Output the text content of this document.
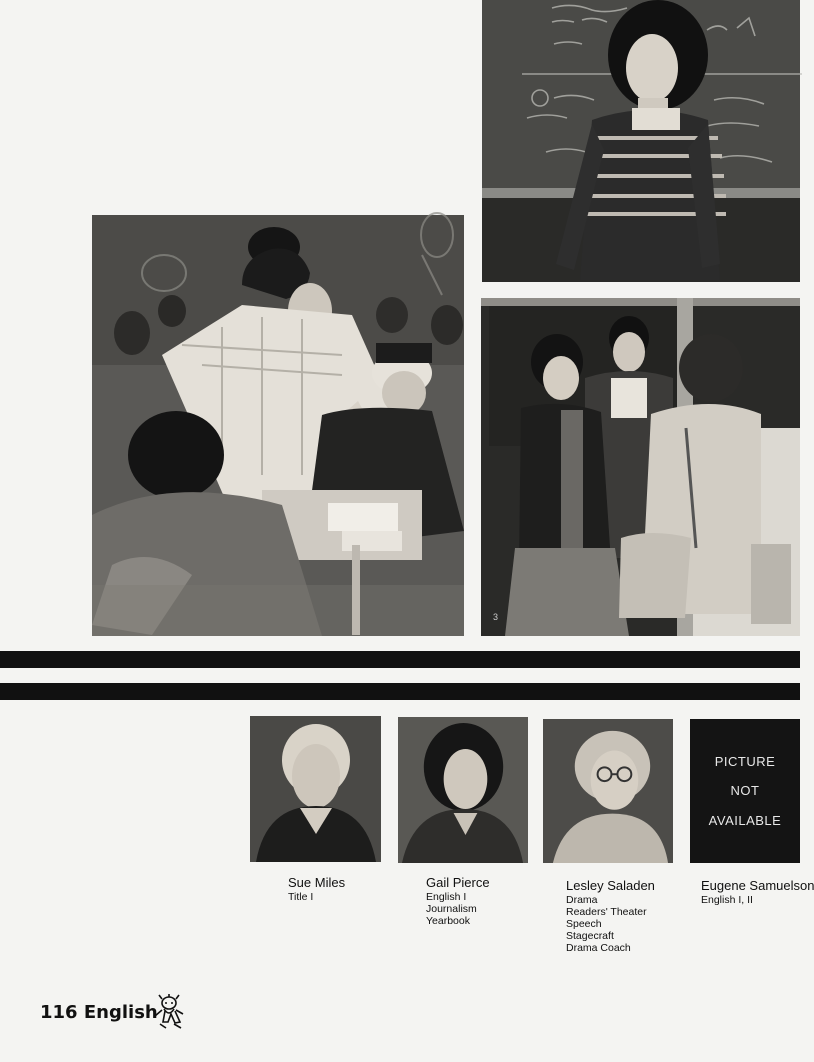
3
PICTURE
NOT
AVAILABLE
Sue Miles
Title I
Gail Pierce
English I
Journalism
Yearbook
Lesley Saladen
Drama
Readers' Theater
Speech
Stagecraft
Drama Coach
Eugene Samuelson
English I, II
116 English
